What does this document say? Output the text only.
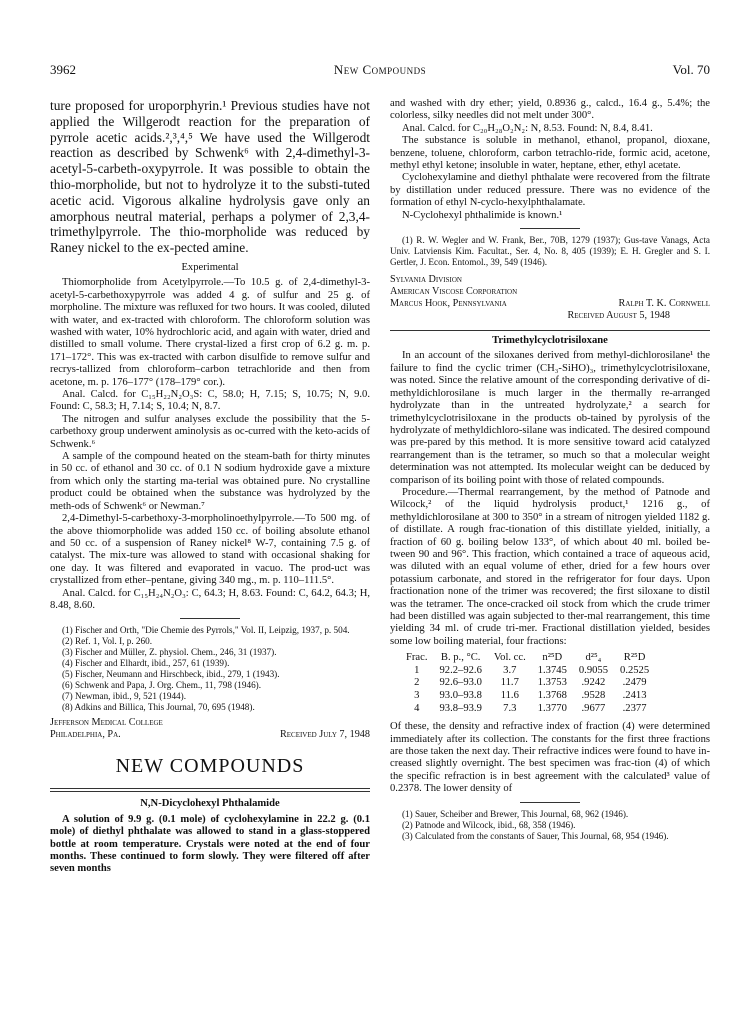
3962	New Compounds	Vol. 70

ture proposed for uroporphyrin.¹ Previous studies have not applied the Willgerodt reaction for the preparation of pyrrole acetic acids.²,³,⁴,⁵ We have used the Willgerodt reaction as described by Schwenk⁶ with 2,4-dimethyl-3-acetyl-5-carbeth-oxypyrrole. It was possible to obtain the thio-morpholide, but not to hydrolyze it to the substi-tuted acetic acid. Vigorous alkaline hydrolysis gave only an amorphous neutral material, perhaps a polymer of 2,3,4-trimethylpyrrole. The thio-morpholide was reduced by Raney nickel to the ex-pected amine.

Experimental

Thiomorpholide from Acetylpyrrole.—To 10.5 g. of 2,4-dimethyl-3-acetyl-5-carbethoxypyrrole was added 4 g. of sulfur and 25 g. of morpholine. The mixture was refluxed for two hours. It was cooled, diluted with water, and ex-tracted with chloroform. The chloroform solution was washed with water, 10% hydrochloric acid, and again with water, dried and distilled to small volume. There crystal-lized a first crop of 6.2 g. m. p. 171–172°. This was ex-tracted with carbon disulfide to remove sulfur and recrys-tallized from chloroform–carbon tetrachloride and then from acetone, m. p. 176–177° (178–179° cor.).

Anal. Calcd. for C₁₅H₂₂N₂O₃S: C, 58.0; H, 7.15; S, 10.75; N, 9.0. Found: C, 58.3; H, 7.14; S, 10.4; N, 8.7.

The nitrogen and sulfur analyses exclude the possibility that the 5-carbethoxy group underwent aminolysis as oc-curred with the keto-acids of Schwenk.⁶

A sample of the compound heated on the steam-bath for thirty minutes in 50 cc. of ethanol and 30 cc. of 0.1 N sodium hydroxide gave a mixture from which only the starting ma-terial was obtained pure. No crystalline product could be obtained when the substance was hydrolyzed by the meth-ods of Schwenk⁶ or Newman.⁷

2,4-Dimethyl-5-carbethoxy-3-morpholinoethylpyrrole.—To 500 mg. of the above thiomorpholide was added 150 cc. of boiling absolute ethanol and 50 cc. of a suspension of Raney nickel⁸ W-7, containing 7.5 g. of catalyst. The mix-ture was allowed to stand with occasional shaking for one day. It was filtered and evaporated in vacuo. The prod-uct was crystallized from ether–pentane, giving 340 mg., m. p. 110–111.5°.

Anal. Calcd. for C₁₅H₂₄N₂O₃: C, 64.3; H, 8.63. Found: C, 64.2, 64.3; H, 8.48, 8.60.

(1) Fischer and Orth, "Die Chemie des Pyrrols," Vol. II, Leipzig, 1937, p. 504.

(2) Ref. 1, Vol. I, p. 260.

(3) Fischer and Müller, Z. physiol. Chem., 246, 31 (1937).

(4) Fischer and Elhardt, ibid., 257, 61 (1939).

(5) Fischer, Neumann and Hirschbeck, ibid., 279, 1 (1943).

(6) Schwenk and Papa, J. Org. Chem., 11, 798 (1946).

(7) Newman, ibid., 9, 521 (1944).

(8) Adkins and Billica, This Journal, 70, 695 (1948).

Jefferson Medical College
Philadelphia, Pa.	Received July 7, 1948
NEW COMPOUNDS

N,N-Dicyclohexyl Phthalamide

A solution of 9.9 g. (0.1 mole) of cyclohexylamine in 22.2 g. (0.1 mole) of diethyl phthalate was allowed to stand in a glass-stoppered bottle at room temperature. Crystals were noted at the end of four months. These continued to form slowly. They were filtered off after seven months

and washed with dry ether; yield, 0.8936 g., calcd., 16.4 g., 5.4%; the colorless, silky needles did not melt under 300°.

Anal. Calcd. for C₂₀H₂₈O₂N₂: N, 8.53. Found: N, 8.4, 8.41.

The substance is soluble in methanol, ethanol, propanol, dioxane, benzene, toluene, chloroform, carbon tetrachlo-ride, formic acid, acetone, methyl ethyl ketone; insoluble in water, heptane, ether, ethyl acetate.

Cyclohexylamine and diethyl phthalate were recovered from the filtrate by distillation under reduced pressure. There was no evidence of the formation of ethyl N-cyclo-hexylphthalamate.

N-Cyclohexyl phthalimide is known.¹

(1) R. W. Wegler and W. Frank, Ber., 70B, 1279 (1937); Gus-tave Vanags, Acta Univ. Latviensis Kim. Facultat., Ser. 4, No. 8, 405 (1939); E. H. Gregler and S. I. Gertler, J. Econ. Entomol., 39, 549 (1946).

Sylvania Division
American Viscose Corporation
Marcus Hook, Pennsylvania	Ralph T. K. Cornwell
Received August 5, 1948

Trimethylcyclotrisiloxane

In an account of the siloxanes derived from methyl-dichlorosilane¹ the failure to find the cyclic trimer (CH₃-SiHO)₃, trimethylcyclotrisiloxane, was noted. Since the relative amount of the corresponding derivative of di-methyldichlorosilane is much larger in the thermally re-arranged hydrolyzate than in the untreated hydrolyzate,² a search for trimethylcyclotrisiloxane in the products ob-tained by pyrolysis of the hydrolyzate of methyldichloro-silane was indicated. The desired compound was pre-pared by this method. It is more sensitive toward acid catalyzed rearrangement than is the tetramer, so much so that a molecular weight determination was not attempted. Its molecular weight can be deduced by comparison of its boiling point with those of related compounds.

Procedure.—Thermal rearrangement, by the method of Patnode and Wilcock,² of the liquid hydrolysis product,¹ 1216 g., of methyldichlorosilane at 300 to 350° in a stream of nitrogen yielded 1182 g. of distillate. A rough frac-tionation of this distillate yielded, initially, a fraction of 60 g. boiling below 133°, of which about 40 ml. boiled be-tween 90 and 96°. This fraction, which contained a trace of aqueous acid, was diluted with an equal volume of ether, dried for a few hours over potassium carbonate, and stored in the refrigerator for four days. Upon fractionation none of the trimer was recovered; the first siloxane to distil was the tetramer. The once-cracked oil stock from which the crude trimer had been distilled was again subjected to ther-mal rearrangement, this time yielding 34 ml. of crude tri-mer. Fractional distillation yielded, besides some low boiling material, four fractions:

Frac.	B. p., °C.	Vol. cc.	n²⁵D	d²⁵₄	R²⁵D
1	92.2–92.6	3.7	1.3745	0.9055	0.2525
2	92.6–93.0	11.7	1.3753	.9242	.2479
3	93.0–93.8	11.6	1.3768	.9528	.2413
4	93.8–93.9	7.3	1.3770	.9677	.2377

Of these, the density and refractive index of fraction (4) were determined immediately after its collection. The constants for the first three fractions are those taken the next day. Their refractive indices were found to have in-creased slightly overnight. The best specimen was frac-tion (4) of which the specific refraction is in best agreement with the calculated³ value of 0.2378. The lower density of

(1) Sauer, Scheiber and Brewer, This Journal, 68, 962 (1946).

(2) Patnode and Wilcock, ibid., 68, 358 (1946).

(3) Calculated from the constants of Sauer, This Journal, 68, 954 (1946).
